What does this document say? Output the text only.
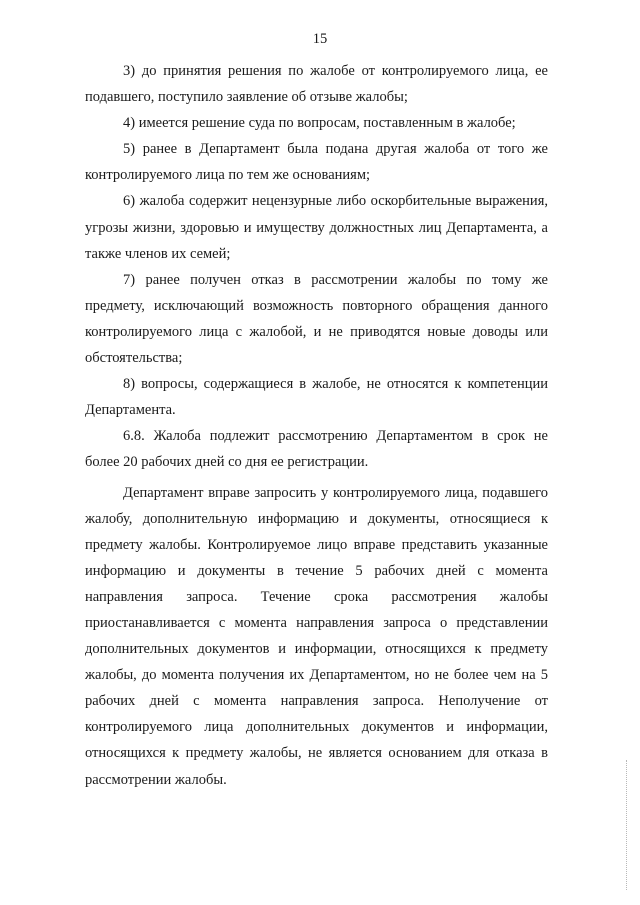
15

3) до принятия решения по жалобе от контролируемого лица, ее подавшего, поступило заявление об отзыве жалобы;

4) имеется решение суда по вопросам, поставленным в жалобе;

5) ранее в Департамент была подана другая жалоба от того же контролируемого лица по тем же основаниям;

6) жалоба содержит нецензурные либо оскорбительные выражения, угрозы жизни, здоровью и имуществу должностных лиц Департамента, а также членов их семей;

7) ранее получен отказ в рассмотрении жалобы по тому же предмету, исключающий возможность повторного обращения данного контролируемого лица с жалобой, и не приводятся новые доводы или обстоятельства;

8) вопросы, содержащиеся в жалобе, не относятся к компетенции Департамента.

6.8. Жалоба подлежит рассмотрению Департаментом в срок не более 20 рабочих дней со дня ее регистрации.

Департамент вправе запросить у контролируемого лица, подавшего жалобу, дополнительную информацию и документы, относящиеся к предмету жалобы. Контролируемое лицо вправе представить указанные информацию и документы в течение 5 рабочих дней с момента направления запроса. Течение срока рассмотрения жалобы приостанавливается с момента направления запроса о представлении дополнительных документов и информации, относящихся к предмету жалобы, до момента получения их Департаментом, но не более чем на 5 рабочих дней с момента направления запроса. Неполучение от контролируемого лица дополнительных документов и информации, относящихся к предмету жалобы, не является основанием для отказа в рассмотрении жалобы.
